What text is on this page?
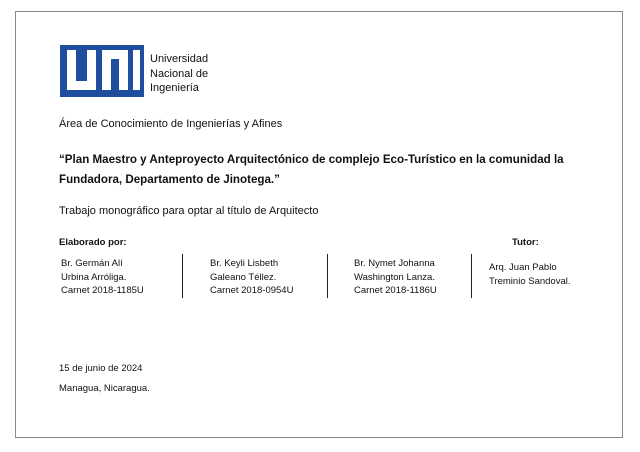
Universidad
Nacional de
Ingeniería
Área de Conocimiento de Ingenierías y Afines
“Plan Maestro y Anteproyecto Arquitectónico de complejo Eco-Turístico en la comunidad la
Fundadora, Departamento de Jinotega.”
Trabajo monográfico para optar al título de Arquitecto
Elaborado por:	Tutor:
Br. Germán Alí
Urbina Arróliga.
Carnet 2018-1185U
Br. Keyli Lisbeth
Galeano Téllez.
Carnet 2018-0954U
Br. Nymet Johanna
Washington Lanza.
Carnet 2018-1186U
Arq. Juan Pablo
Treminio Sandoval.
15 de junio de 2024
Managua, Nicaragua.
